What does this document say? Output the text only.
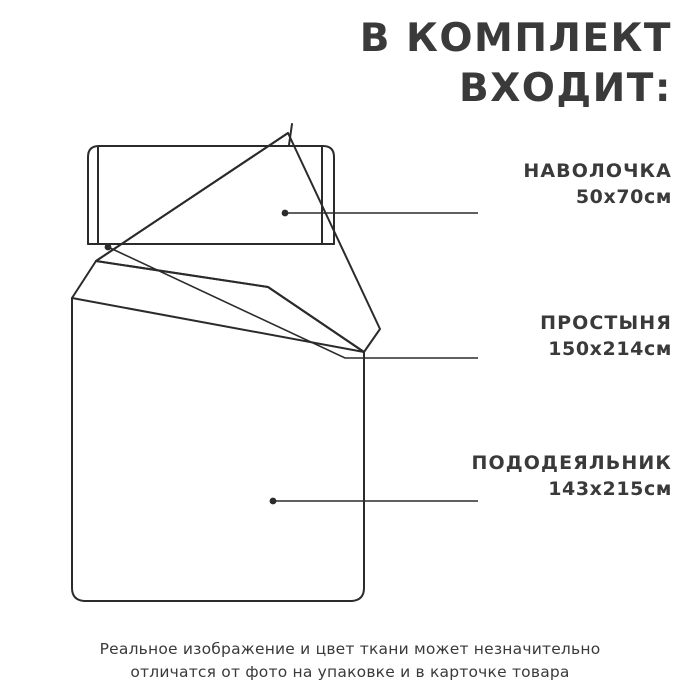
В КОМПЛЕКТ
ВХОДИТ:
НАВОЛОЧКА
50х70см
ПРОСТЫНЯ
150х214см
ПОДОДЕЯЛЬНИК
143х215см
Реальное изображение и цвет ткани может незначительно
отличатся от фото на упаковке и в карточке товара
